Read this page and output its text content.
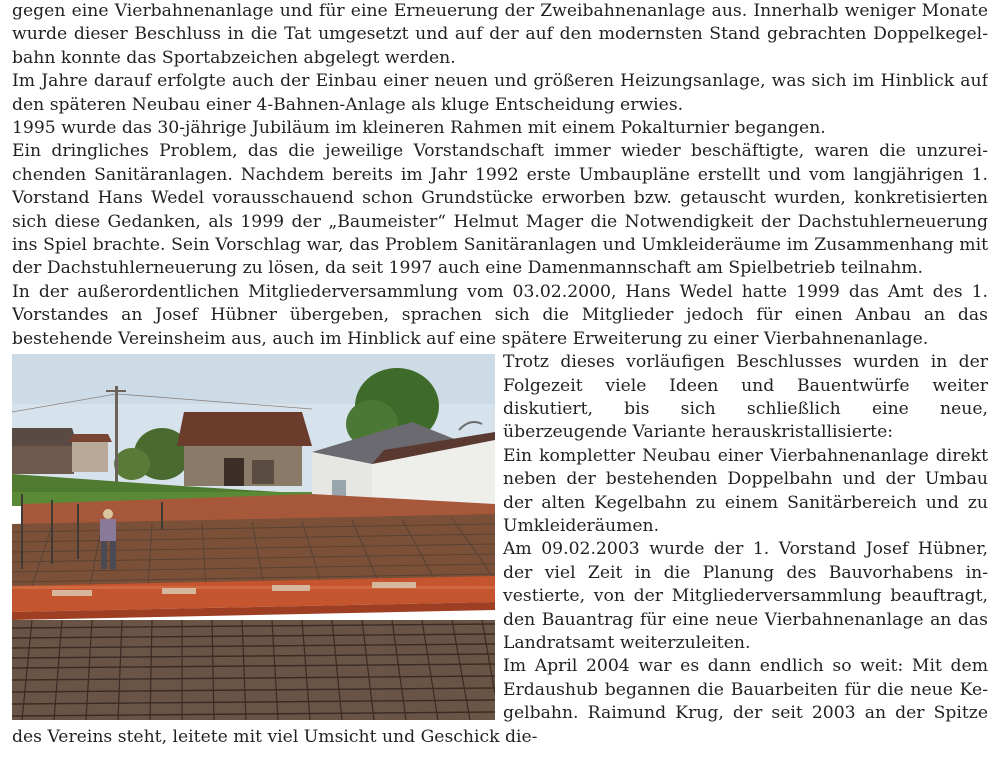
gegen eine Vierbahnenanlage und für eine Erneuerung der Zweibahnenanlage aus. Innerhalb weniger Monate wurde dieser Beschluss in die Tat umgesetzt und auf der auf den modernsten Stand gebrachten Doppelkegelbahn konnte das Sportabzeichen abgelegt werden.

Im Jahre darauf erfolgte auch der Einbau einer neuen und größeren Heizungsanlage, was sich im Hinblick auf den späteren Neubau einer 4-Bahnen-Anlage als kluge Entscheidung erwies.

1995 wurde das 30-jährige Jubiläum im kleineren Rahmen mit einem Pokalturnier begangen.

Ein dringliches Problem, das die jeweilige Vorstandschaft immer wieder beschäftigte, waren die unzureichenden Sanitäranlagen. Nachdem bereits im Jahr 1992 erste Umbaupläne erstellt und vom langjährigen 1. Vorstand Hans Wedel vorausschauend schon Grundstücke erworben bzw. getauscht wurden, konkretisierten sich diese Gedanken, als 1999 der „Baumeister“ Helmut Mager die Notwendigkeit der Dachstuhlerneuerung ins Spiel brachte. Sein Vorschlag war, das Problem Sanitäranlagen und Umkleideräume im Zusammenhang mit der Dachstuhlerneuerung zu lösen, da seit 1997 auch eine Damenmannschaft am Spielbetrieb teilnahm.

In der außerordentlichen Mitgliederversammlung vom 03.02.2000, Hans Wedel hatte 1999 das Amt des 1. Vorstandes an Josef Hübner übergeben, sprachen sich die Mitglieder jedoch für einen Anbau an das bestehende Vereinsheim aus, auch im Hinblick auf eine spätere Erweiterung zu einer Vierbahnenanlage.

Trotz dieses vorläufigen Beschlusses wurden in der Folgezeit viele Ideen und Bauentwürfe weiter diskutiert, bis sich schließlich eine neue, überzeugende Variante herauskristallisierte:

Ein kompletter Neubau einer Vierbahnenanlage direkt neben der bestehenden Doppelbahn und der Umbau der alten Kegelbahn zu einem Sanitärbereich und zu Umkleideräumen.

Am 09.02.2003 wurde der 1. Vorstand Josef Hübner, der viel Zeit in die Planung des Bauvorhabens investierte, von der Mitgliederversammlung beauftragt, den Bauantrag für eine neue Vierbahnenanlage an das Landratsamt weiterzuleiten.

Im April 2004 war es dann endlich so weit: Mit dem Erdaushub begannen die Bauarbeiten für die neue Kegelbahn. Raimund Krug, der seit 2003 an der Spitze des Vereins steht, leitete mit viel Umsicht und Geschick die-
